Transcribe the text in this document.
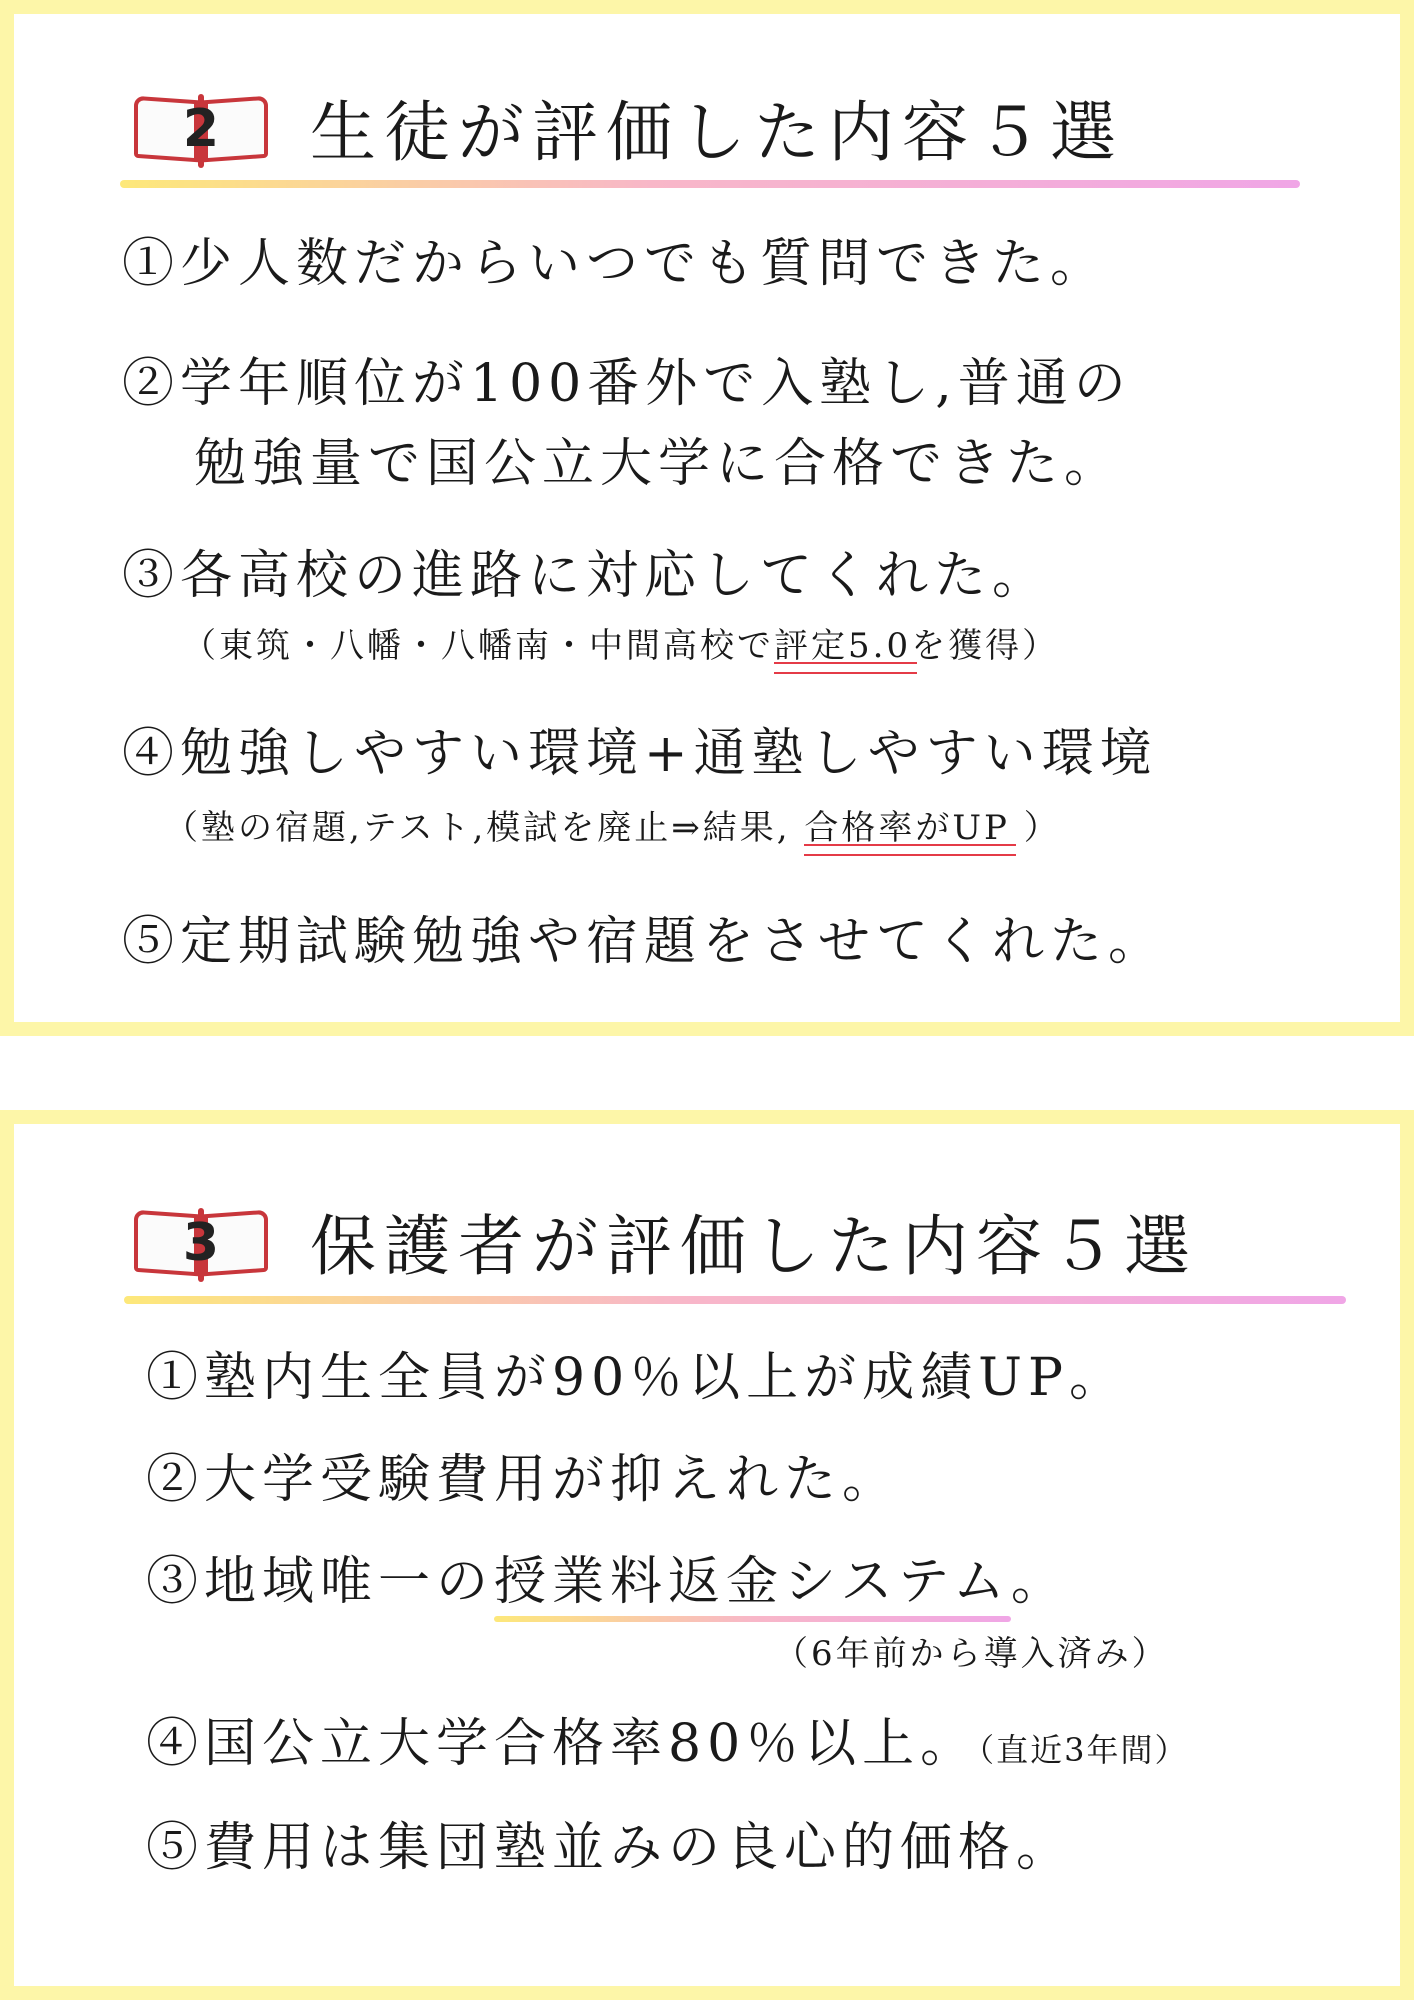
2	生徒が評価した内容５選
①少人数だからいつでも質問できた。
②学年順位が100番外で入塾し,普通の
勉強量で国公立大学に合格できた。
③各高校の進路に対応してくれた。
（東筑・八幡・八幡南・中間高校で評定5.0を獲得）
④勉強しやすい環境+通塾しやすい環境
（塾の宿題,テスト,模試を廃止⇒結果, 合格率がUP ）
⑤定期試験勉強や宿題をさせてくれた。
3	保護者が評価した内容５選
①塾内生全員が90％以上が成績UP。
②大学受験費用が抑えれた。
③地域唯一の授業料返金システム。
（6年前から導入済み）
④国公立大学合格率80％以上。（直近3年間）
⑤費用は集団塾並みの良心的価格。
